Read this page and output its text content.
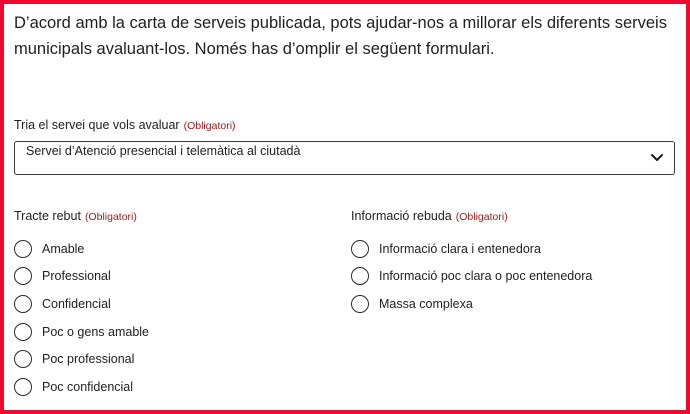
D’acord amb la carta de serveis publicada, pots ajudar-nos a millorar els diferents serveis
municipals avaluant-los. Només has d’omplir el següent formulari.
Tria el servei que vols avaluar (Obligatori)
Servei d’Atenció presencial i telemàtica al ciutadà
Tracte rebut (Obligatori)
Amable
Professional
Confidencial
Poc o gens amable
Poc professional
Poc confidencial
Informació rebuda (Obligatori)
Informació clara i entenedora
Informació poc clara o poc entenedora
Massa complexa
